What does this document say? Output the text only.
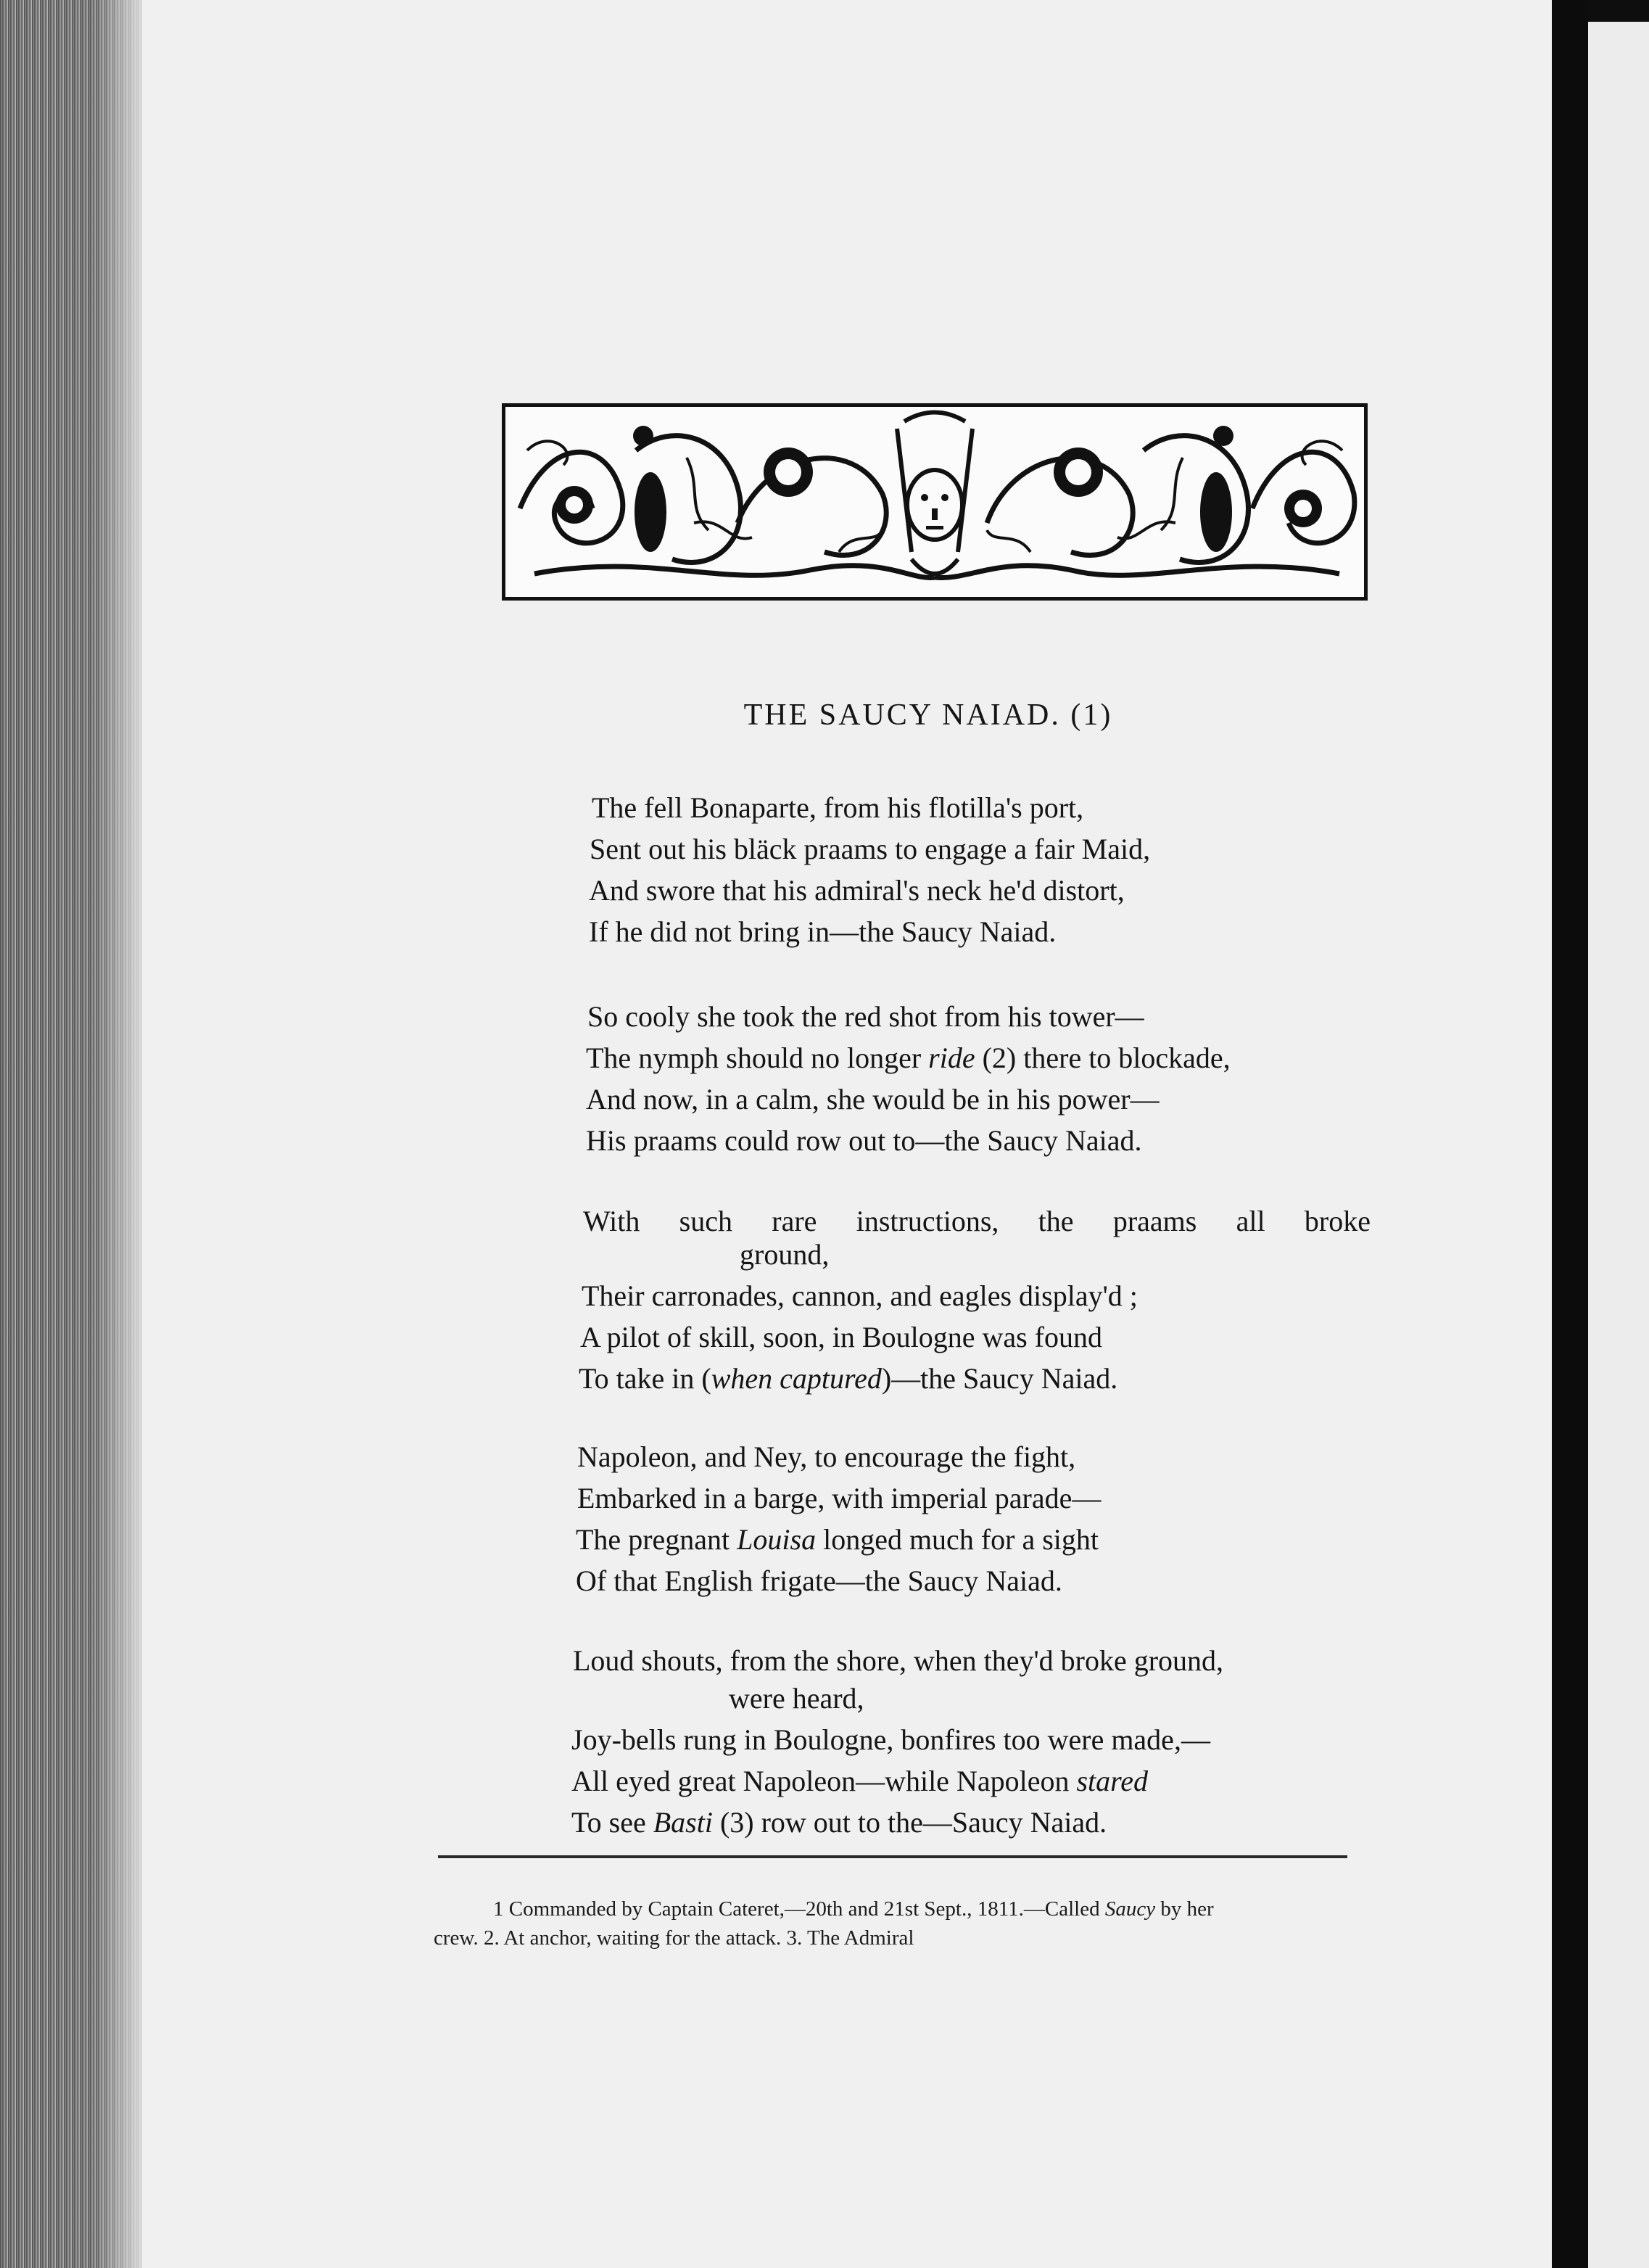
THE SAUCY NAIAD. (1)
The fell Bonaparte, from his flotilla's port,
Sent out his bläck praams to engage a fair Maid,
And swore that his admiral's neck he'd distort,
If he did not bring in—the Saucy Naiad.
So cooly she took the red shot from his tower—
The nymph should no longer ride (2) there to blockade,
And now, in a calm, she would be in his power—
His praams could row out to—the Saucy Naiad.
With such rare instructions, the praams all broke
ground,
Their carronades, cannon, and eagles display'd ;
A pilot of skill, soon, in Boulogne was found
To take in (when captured)—the Saucy Naiad.
Napoleon, and Ney, to encourage the fight,
Embarked in a barge, with imperial parade—
The pregnant Louisa longed much for a sight
Of that English frigate—the Saucy Naiad.
Loud shouts, from the shore, when they'd broke ground,
were heard,
Joy-bells rung in Boulogne, bonfires too were made,—
All eyed great Napoleon—while Napoleon stared
To see Basti (3) row out to the—Saucy Naiad.
1 Commanded by Captain Cateret,—20th and 21st Sept., 1811.—Called Saucy by her
crew. 2. At anchor, waiting for the attack. 3. The Admiral
